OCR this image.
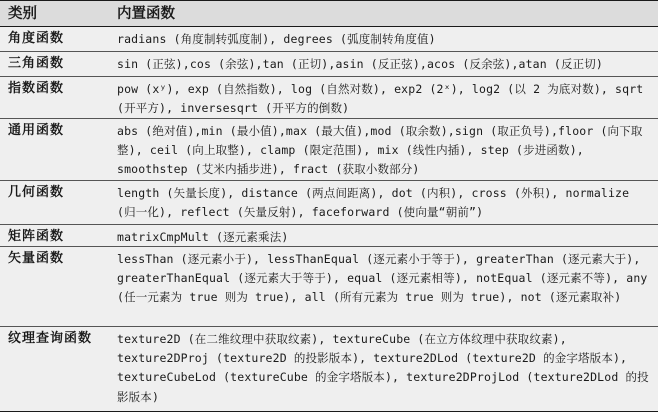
类别	内置函数
角度函数	radians (角度制转弧度制), degrees (弧度制转角度值)
三角函数	sin (正弦),cos (余弦),tan (正切),asin (反正弦),acos (反余弦),atan (反正切)
指数函数	pow (xʸ), exp (自然指数), log (自然对数), exp2 (2ˣ), log2 (以 2 为底对数), sqrt (开平方), inversesqrt (开平方的倒数)
通用函数	abs (绝对值),min (最小值),max (最大值),mod (取余数),sign (取正负号),floor (向下取整), ceil (向上取整), clamp (限定范围), mix (线性内插), step (步进函数), smoothstep (艾米内插步进), fract (获取小数部分)
几何函数	length (矢量长度), distance (两点间距离), dot (内积), cross (外积), normalize (归一化), reflect (矢量反射), faceforward (使向量“朝前”)
矩阵函数	matrixCmpMult (逐元素乘法)
矢量函数	lessThan (逐元素小于), lessThanEqual (逐元素小于等于), greaterThan (逐元素大于), greaterThanEqual (逐元素大于等于), equal (逐元素相等), notEqual (逐元素不等), any (任一元素为 true 则为 true), all (所有元素为 true 则为 true), not (逐元素取补)
纹理查询函数 texture2D (在二维纹理中获取纹素), textureCube (在立方体纹理中获取纹素), texture2DProj (texture2D 的投影版本), texture2DLod (texture2D 的金字塔版本), textureCubeLod (textureCube 的金字塔版本), texture2DProjLod (texture2DLod 的投影版本)
